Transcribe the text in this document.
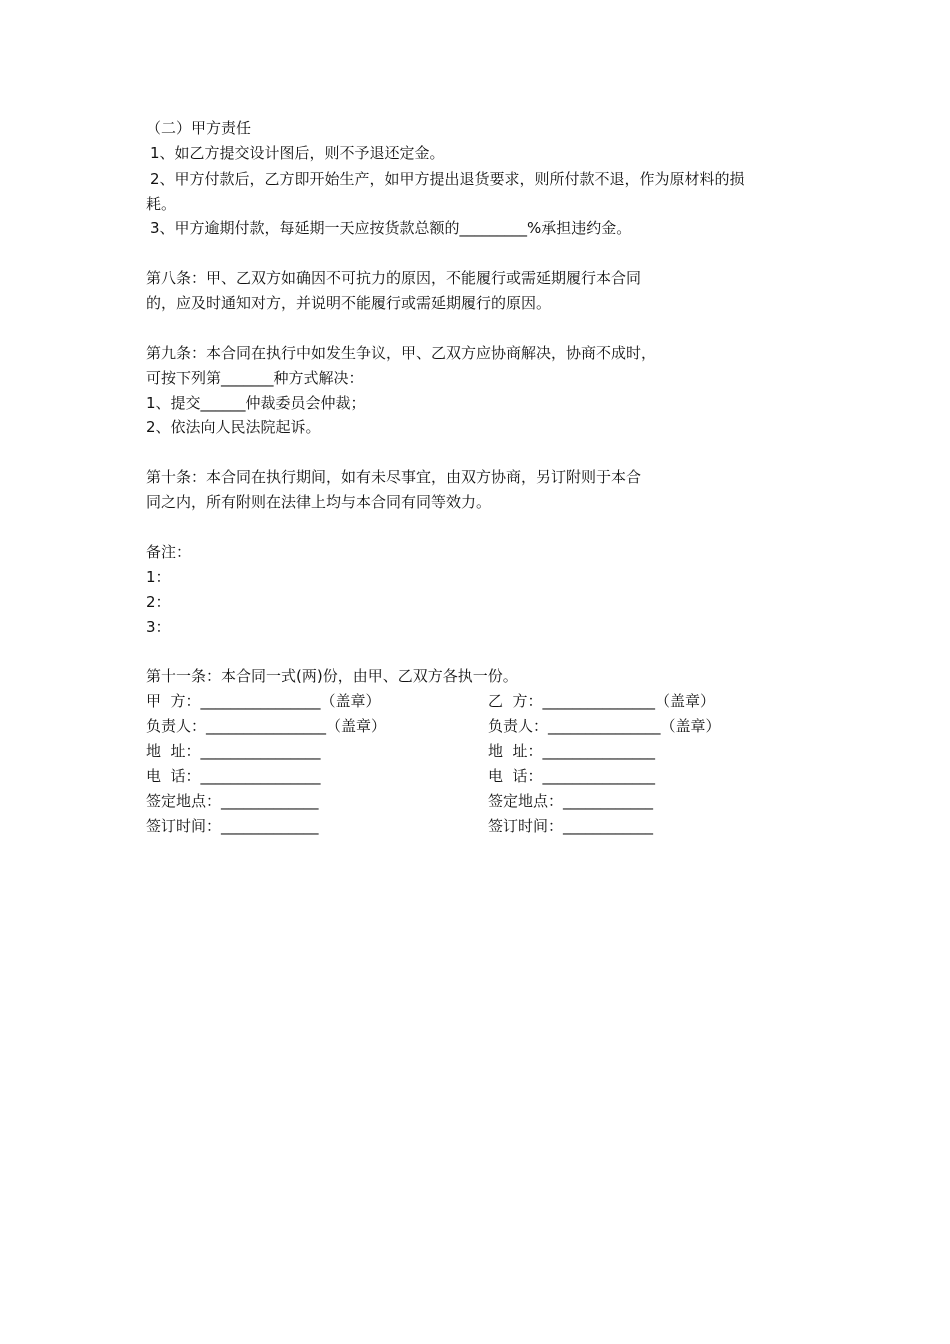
（二）甲方责任
1、如乙方提交设计图后，则不予退还定金。
2、甲方付款后，乙方即开始生产，如甲方提出退货要求，则所付款不退，作为原材料的损
耗。
3、甲方逾期付款，每延期一天应按货款总额的_________%承担违约金。
第八条：甲、乙双方如确因不可抗力的原因，不能履行或需延期履行本合同
的，应及时通知对方，并说明不能履行或需延期履行的原因。
第九条：本合同在执行中如发生争议，甲、乙双方应协商解决，协商不成时，
可按下列第_______种方式解决：
1、提交______仲裁委员会仲裁；
2、依法向人民法院起诉。
第十条：本合同在执行期间，如有未尽事宜，由双方协商，另订附则于本合
同之内，所有附则在法律上均与本合同有同等效力。
备注：
1：
2：
3：
第十一条：本合同一式(两)份，由甲、乙双方各执一份。
甲  方：________________（盖章）
负责人：________________（盖章）
地  址：________________
电  话：________________
签定地点：_____________
签订时间：_____________
乙  方：_______________（盖章）
负责人：_______________（盖章）
地  址：_______________
电  话：_______________
签定地点：____________
签订时间：____________
